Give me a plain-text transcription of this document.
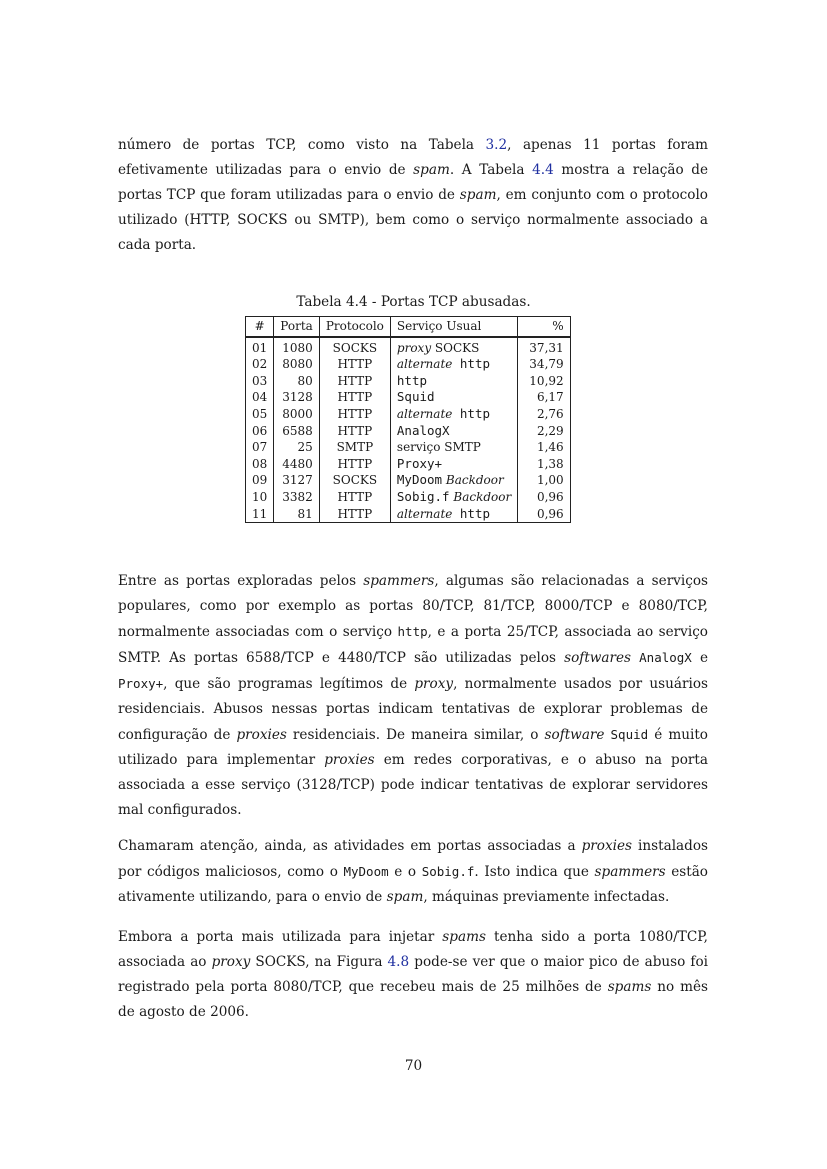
número de portas TCP, como visto na Tabela 3.2, apenas 11 portas foram efetivamente utilizadas para o envio de spam. A Tabela 4.4 mostra a relação de portas TCP que foram utilizadas para o envio de spam, em conjunto com o protocolo utilizado (HTTP, SOCKS ou SMTP), bem como o serviço normalmente associado a cada porta.

Tabela 4.4 - Portas TCP abusadas.
#	Porta	Protocolo	Serviço Usual	%
01	1080	SOCKS	proxy SOCKS	37,31
02	8080	HTTP	alternate http	34,79
03	80	HTTP	http	10,92
04	3128	HTTP	Squid	6,17
05	8000	HTTP	alternate http	2,76
06	6588	HTTP	AnalogX	2,29
07	25	SMTP	serviço SMTP	1,46
08	4480	HTTP	Proxy+	1,38
09	3127	SOCKS	MyDoom Backdoor	1,00
10	3382	HTTP	Sobig.f Backdoor	0,96
11	81	HTTP	alternate http	0,96

Entre as portas exploradas pelos spammers, algumas são relacionadas a serviços populares, como por exemplo as portas 80/TCP, 81/TCP, 8000/TCP e 8080/TCP, normalmente associadas com o serviço http, e a porta 25/TCP, associada ao serviço SMTP. As portas 6588/TCP e 4480/TCP são utilizadas pelos softwares AnalogX e Proxy+, que são programas legítimos de proxy, normalmente usados por usuários residenciais. Abusos nessas portas indicam tentativas de explorar problemas de configuração de proxies residenciais. De maneira similar, o software Squid é muito utilizado para implementar proxies em redes corporativas, e o abuso na porta associada a esse serviço (3128/TCP) pode indicar tentativas de explorar servidores mal configurados.

Chamaram atenção, ainda, as atividades em portas associadas a proxies instalados por códigos maliciosos, como o MyDoom e o Sobig.f. Isto indica que spammers estão ativamente utilizando, para o envio de spam, máquinas previamente infectadas.

Embora a porta mais utilizada para injetar spams tenha sido a porta 1080/TCP, associada ao proxy SOCKS, na Figura 4.8 pode-se ver que o maior pico de abuso foi registrado pela porta 8080/TCP, que recebeu mais de 25 milhões de spams no mês de agosto de 2006.

70
